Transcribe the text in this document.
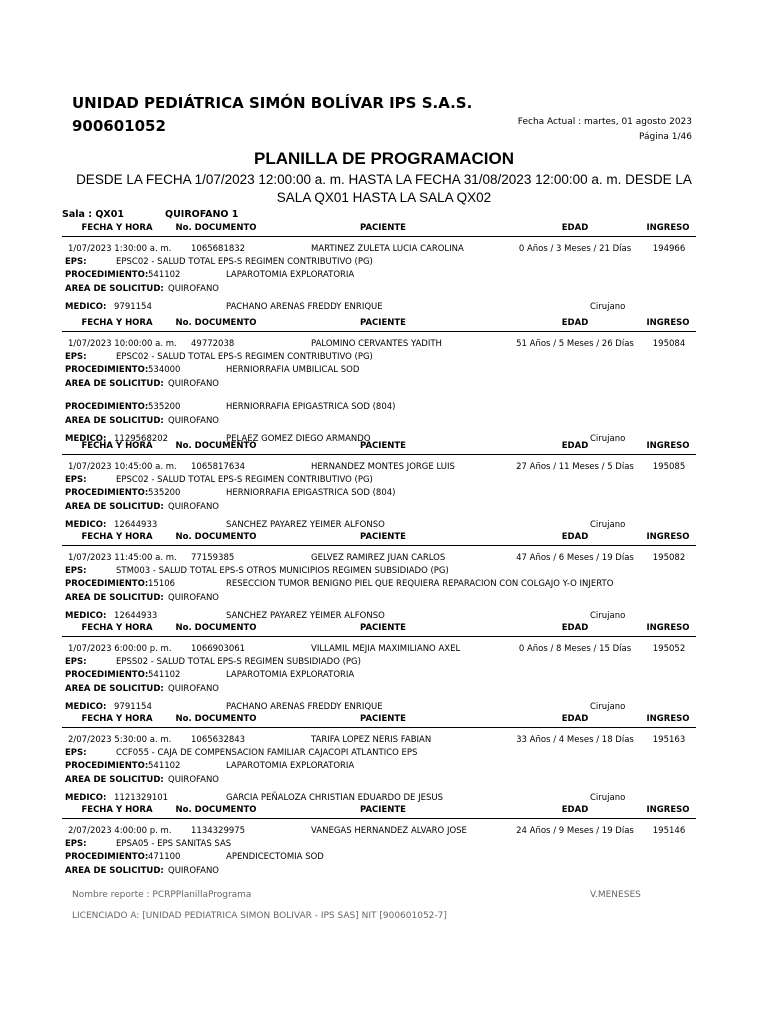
UNIDAD PEDIÁTRICA SIMÓN BOLÍVAR IPS S.A.S.
900601052	Fecha Actual : martes, 01 agosto 2023
Página 1/46
PLANILLA DE PROGRAMACION
DESDE LA FECHA 1/07/2023 12:00:00 a. m. HASTA LA FECHA 31/08/2023 12:00:00 a. m. DESDE LA SALA QX01 HASTA LA SALA QX02
Sala : QX01	QUIROFANO 1
FECHA Y HORA	No. DOCUMENTO	PACIENTE	EDAD	INGRESO
1/07/2023 1:30:00 a. m. 1065681832	MARTINEZ ZULETA LUCIA CAROLINA	0 Años / 3 Meses / 21 Días	194966
EPS:	EPSC02 - SALUD TOTAL EPS-S REGIMEN CONTRIBUTIVO (PG)
PROCEDIMIENTO: 541102	LAPAROTOMIA EXPLORATORIA
AREA DE SOLICITUD: QUIROFANO
MEDICO: 9791154	PACHANO ARENAS FREDDY ENRIQUE	Cirujano
FECHA Y HORA	No. DOCUMENTO	PACIENTE	EDAD	INGRESO
1/07/2023 10:00:00 a. m. 49772038	PALOMINO CERVANTES YADITH	51 Años / 5 Meses / 26 Días 195084
EPS:	EPSC02 - SALUD TOTAL EPS-S REGIMEN CONTRIBUTIVO (PG)
PROCEDIMIENTO: 534000	HERNIORRAFIA UMBILICAL SOD
AREA DE SOLICITUD: QUIROFANO
PROCEDIMIENTO: 535200	HERNIORRAFIA EPIGASTRICA SOD (804)
AREA DE SOLICITUD: QUIROFANO
MEDICO: 1129568202	PELAEZ GOMEZ DIEGO ARMANDO	Cirujano
FECHA Y HORA	No. DOCUMENTO	PACIENTE	EDAD	INGRESO
1/07/2023 10:45:00 a. m. 1065817634	HERNANDEZ MONTES JORGE LUIS	27 Años / 11 Meses / 5 Días 195085
EPS:	EPSC02 - SALUD TOTAL EPS-S REGIMEN CONTRIBUTIVO (PG)
PROCEDIMIENTO: 535200	HERNIORRAFIA EPIGASTRICA SOD (804)
AREA DE SOLICITUD: QUIROFANO
MEDICO: 12644933	SANCHEZ PAYAREZ YEIMER ALFONSO	Cirujano
FECHA Y HORA	No. DOCUMENTO	PACIENTE	EDAD	INGRESO
1/07/2023 11:45:00 a. m. 77159385	GELVEZ RAMIREZ JUAN CARLOS	47 Años / 6 Meses / 19 Días 195082
EPS:	STM003 - SALUD TOTAL EPS-S OTROS MUNICIPIOS REGIMEN SUBSIDIADO (PG)
PROCEDIMIENTO: 15106	RESECCION TUMOR BENIGNO PIEL QUE REQUIERA REPARACION CON COLGAJO Y-O INJERTO
AREA DE SOLICITUD: QUIROFANO
MEDICO: 12644933	SANCHEZ PAYAREZ YEIMER ALFONSO	Cirujano
FECHA Y HORA	No. DOCUMENTO	PACIENTE	EDAD	INGRESO
1/07/2023 6:00:00 p. m. 1066903061	VILLAMIL MEJIA MAXIMILIANO AXEL	0 Años / 8 Meses / 15 Días	195052
EPS:	EPSS02 - SALUD TOTAL EPS-S REGIMEN SUBSIDIADO (PG)
PROCEDIMIENTO: 541102	LAPAROTOMIA EXPLORATORIA
AREA DE SOLICITUD: QUIROFANO
MEDICO: 9791154	PACHANO ARENAS FREDDY ENRIQUE	Cirujano
FECHA Y HORA	No. DOCUMENTO	PACIENTE	EDAD	INGRESO
2/07/2023 5:30:00 a. m. 1065632843	TARIFA LOPEZ NERIS FABIAN	33 Años / 4 Meses / 18 Días 195163
EPS:	CCF055 - CAJA DE COMPENSACION FAMILIAR CAJACOPI ATLANTICO EPS
PROCEDIMIENTO: 541102	LAPAROTOMIA EXPLORATORIA
AREA DE SOLICITUD: QUIROFANO
MEDICO: 1121329101	GARCIA PEÑALOZA CHRISTIAN EDUARDO DE JESUS	Cirujano
FECHA Y HORA	No. DOCUMENTO	PACIENTE	EDAD	INGRESO
2/07/2023 4:00:00 p. m. 1134329975	VANEGAS HERNANDEZ ALVARO JOSE	24 Años / 9 Meses / 19 Días 195146
EPS:	EPSA05 - EPS SANITAS SAS
PROCEDIMIENTO: 471100	APENDICECTOMIA SOD
AREA DE SOLICITUD: QUIROFANO
Nombre reporte : PCRPPlanillaPrograma	V.MENESES
LICENCIADO A: [UNIDAD PEDIATRICA SIMON BOLIVAR - IPS SAS] NIT [900601052-7]
